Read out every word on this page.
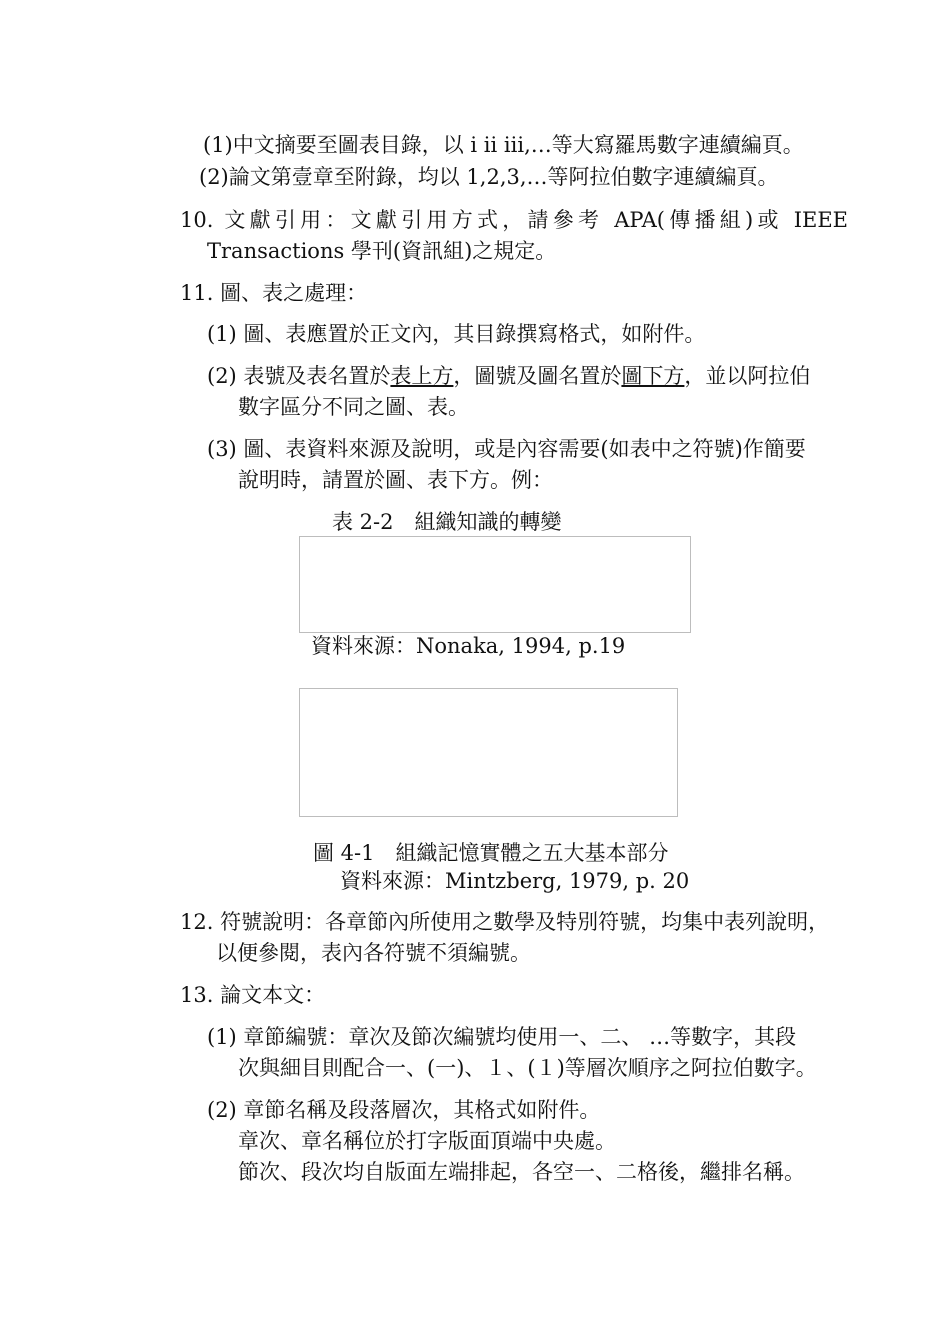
(1)中文摘要至圖表目錄，以 i ii iii,…等大寫羅馬數字連續編頁。
(2)論文第壹章至附錄，均以 1,2,3,…等阿拉伯數字連續編頁。
10. 文獻引用：文獻引用方式，請參考 APA(傳播組)或 IEEE
Transactions 學刊(資訊組)之規定。
11. 圖、表之處理：
(1) 圖、表應置於正文內，其目錄撰寫格式，如附件。
(2) 表號及表名置於表上方，圖號及圖名置於圖下方，並以阿拉伯
數字區分不同之圖、表。
(3) 圖、表資料來源及說明，或是內容需要(如表中之符號)作簡要
說明時，請置於圖、表下方。例：
表 2-2　組織知識的轉變
資料來源：Nonaka, 1994, p.19
圖 4-1　組織記憶實體之五大基本部分
資料來源：Mintzberg, 1979, p. 20
12. 符號說明：各章節內所使用之數學及特別符號，均集中表列說明，
以便參閱，表內各符號不須編號。
13. 論文本文：
(1) 章節編號：章次及節次編號均使用一、二、 …等數字，其段
次與細目則配合一、(一)、１、(１)等層次順序之阿拉伯數字。
(2) 章節名稱及段落層次，其格式如附件。
章次、章名稱位於打字版面頂端中央處。
節次、段次均自版面左端排起，各空一、二格後，繼排名稱。
